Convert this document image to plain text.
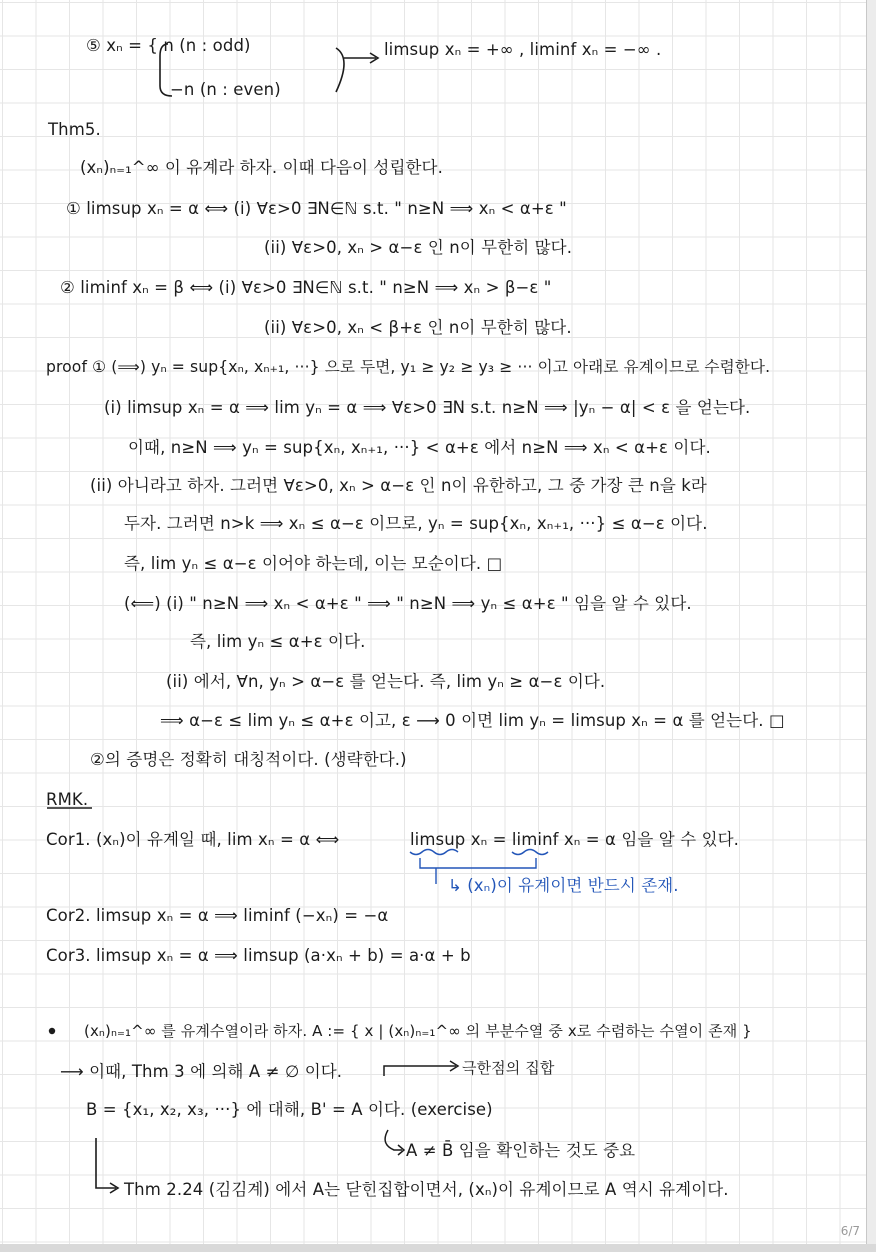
⑤ xₙ = { n (n : odd)
−n (n : even)
limsup xₙ = +∞ , liminf xₙ = −∞ .
Thm5.
(xₙ)ₙ₌₁^∞ 이 유계라 하자. 이때 다음이 성립한다.
① limsup xₙ = α ⟺ (i) ∀ε>0 ∃N∈ℕ s.t. " n≥N ⟹ xₙ < α+ε "
(ii) ∀ε>0, xₙ > α−ε 인 n이 무한히 많다.
② liminf xₙ = β ⟺ (i) ∀ε>0 ∃N∈ℕ s.t. " n≥N ⟹ xₙ > β−ε "
(ii) ∀ε>0, xₙ < β+ε 인 n이 무한히 많다.
proof ① (⟹) yₙ = sup{xₙ, xₙ₊₁, ···} 으로 두면, y₁ ≥ y₂ ≥ y₃ ≥ ··· 이고 아래로 유계이므로 수렴한다.
(i) limsup xₙ = α ⟹ lim yₙ = α ⟹ ∀ε>0 ∃N s.t. n≥N ⟹ |yₙ − α| < ε 을 얻는다.
이때, n≥N ⟹ yₙ = sup{xₙ, xₙ₊₁, ···} < α+ε 에서 n≥N ⟹ xₙ < α+ε 이다.
(ii) 아니라고 하자. 그러면 ∀ε>0, xₙ > α−ε 인 n이 유한하고, 그 중 가장 큰 n을 k라
두자. 그러면 n>k ⟹ xₙ ≤ α−ε 이므로, yₙ = sup{xₙ, xₙ₊₁, ···} ≤ α−ε 이다.
즉, lim yₙ ≤ α−ε 이어야 하는데, 이는 모순이다. □
(⟸) (i) " n≥N ⟹ xₙ < α+ε " ⟹ " n≥N ⟹ yₙ ≤ α+ε " 임을 알 수 있다.
즉, lim yₙ ≤ α+ε 이다.
(ii) 에서, ∀n, yₙ > α−ε 를 얻는다. 즉, lim yₙ ≥ α−ε 이다.
⟹ α−ε ≤ lim yₙ ≤ α+ε 이고, ε ⟶ 0 이면 lim yₙ = limsup xₙ = α 를 얻는다. □
②의 증명은 정확히 대칭적이다. (생략한다.)
RMK.
Cor1. (xₙ)이 유계일 때, lim xₙ = α ⟺	limsup xₙ = liminf xₙ = α 임을 알 수 있다.
↳ (xₙ)이 유계이면 반드시 존재.
Cor2. limsup xₙ = α ⟹ liminf (−xₙ) = −α
Cor3. limsup xₙ = α ⟹ limsup (a·xₙ + b) = a·α + b
(xₙ)ₙ₌₁^∞ 를 유계수열이라 하자. A := { x | (xₙ)ₙ₌₁^∞ 의 부분수열 중 x로 수렴하는 수열이 존재 }
⟶ 이때, Thm 3 에 의해 A ≠ ∅ 이다.	극한점의 집합
B = {x₁, x₂, x₃, ···} 에 대해, B' = A 이다. (exercise)
A ≠ B̄ 임을 확인하는 것도 중요
Thm 2.24 (김김계) 에서 A는 닫힌집합이면서, (xₙ)이 유계이므로 A 역시 유계이다.
6/7
